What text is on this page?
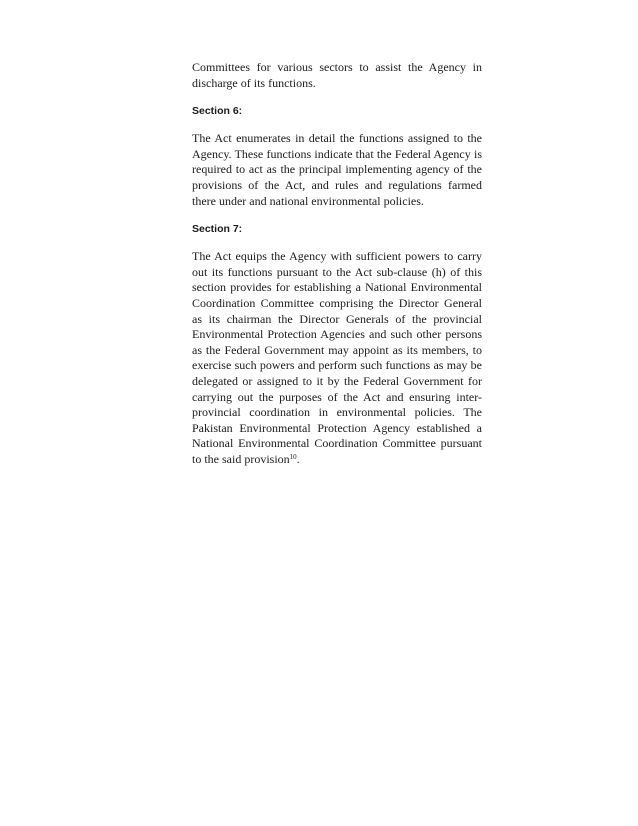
Committees for various sectors to assist the Agency in discharge of its functions.

Section 6:

The Act enumerates in detail the functions assigned to the Agency. These functions indicate that the Federal Agency is required to act as the principal implementing agency of the provisions of the Act, and rules and regulations farmed there under and national environmental policies.

Section 7:

The Act equips the Agency with sufficient powers to carry out its functions pursuant to the Act sub-clause (h) of this section provides for establishing a National Environmental Coordination Committee comprising the Director General as its chairman the Director Generals of the provincial Environmental Protection Agencies and such other persons as the Federal Government may appoint as its members, to exercise such powers and perform such functions as may be delegated or assigned to it by the Federal Government for carrying out the purposes of the Act and ensuring inter-provincial coordination in environmental policies. The Pakistan Environmental Protection Agency established a National Environmental Coordination Committee pursuant to the said provision$^{10}$.
